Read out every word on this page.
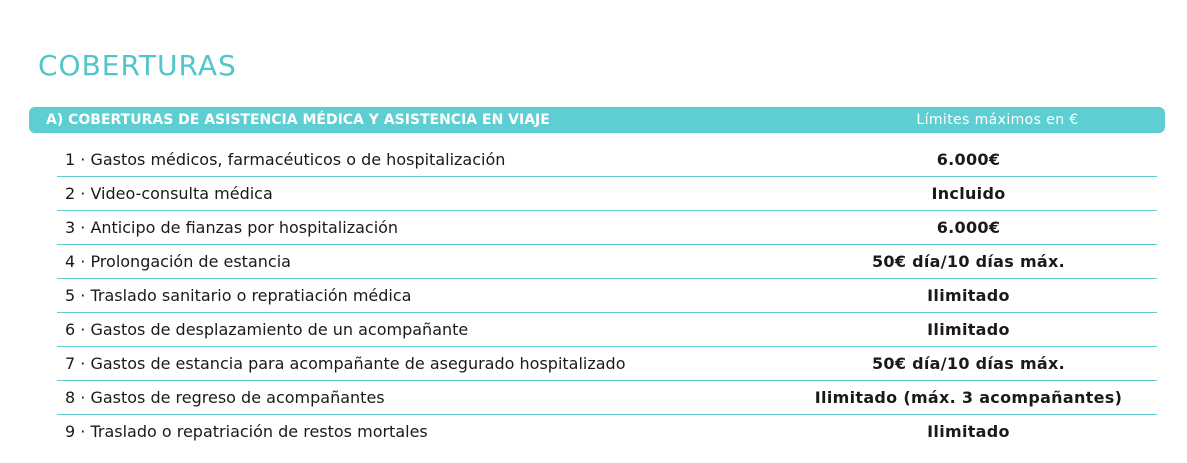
COBERTURAS
A) COBERTURAS DE ASISTENCIA MÉDICA Y ASISTENCIA EN VIAJE	Límites máximos en €
1 · Gastos médicos, farmacéuticos o de hospitalización	6.000€
2 · Video-consulta médica	Incluido
3 · Anticipo de fianzas por hospitalización	6.000€
4 · Prolongación de estancia	50€ día/10 días máx.
5 · Traslado sanitario o repratiación médica	Ilimitado
6 · Gastos de desplazamiento de un acompañante	Ilimitado
7 · Gastos de estancia para acompañante de asegurado hospitalizado	50€ día/10 días máx.
8 · Gastos de regreso de acompañantes	Ilimitado (máx. 3 acompañantes)
9 · Traslado o repatriación de restos mortales	Ilimitado
